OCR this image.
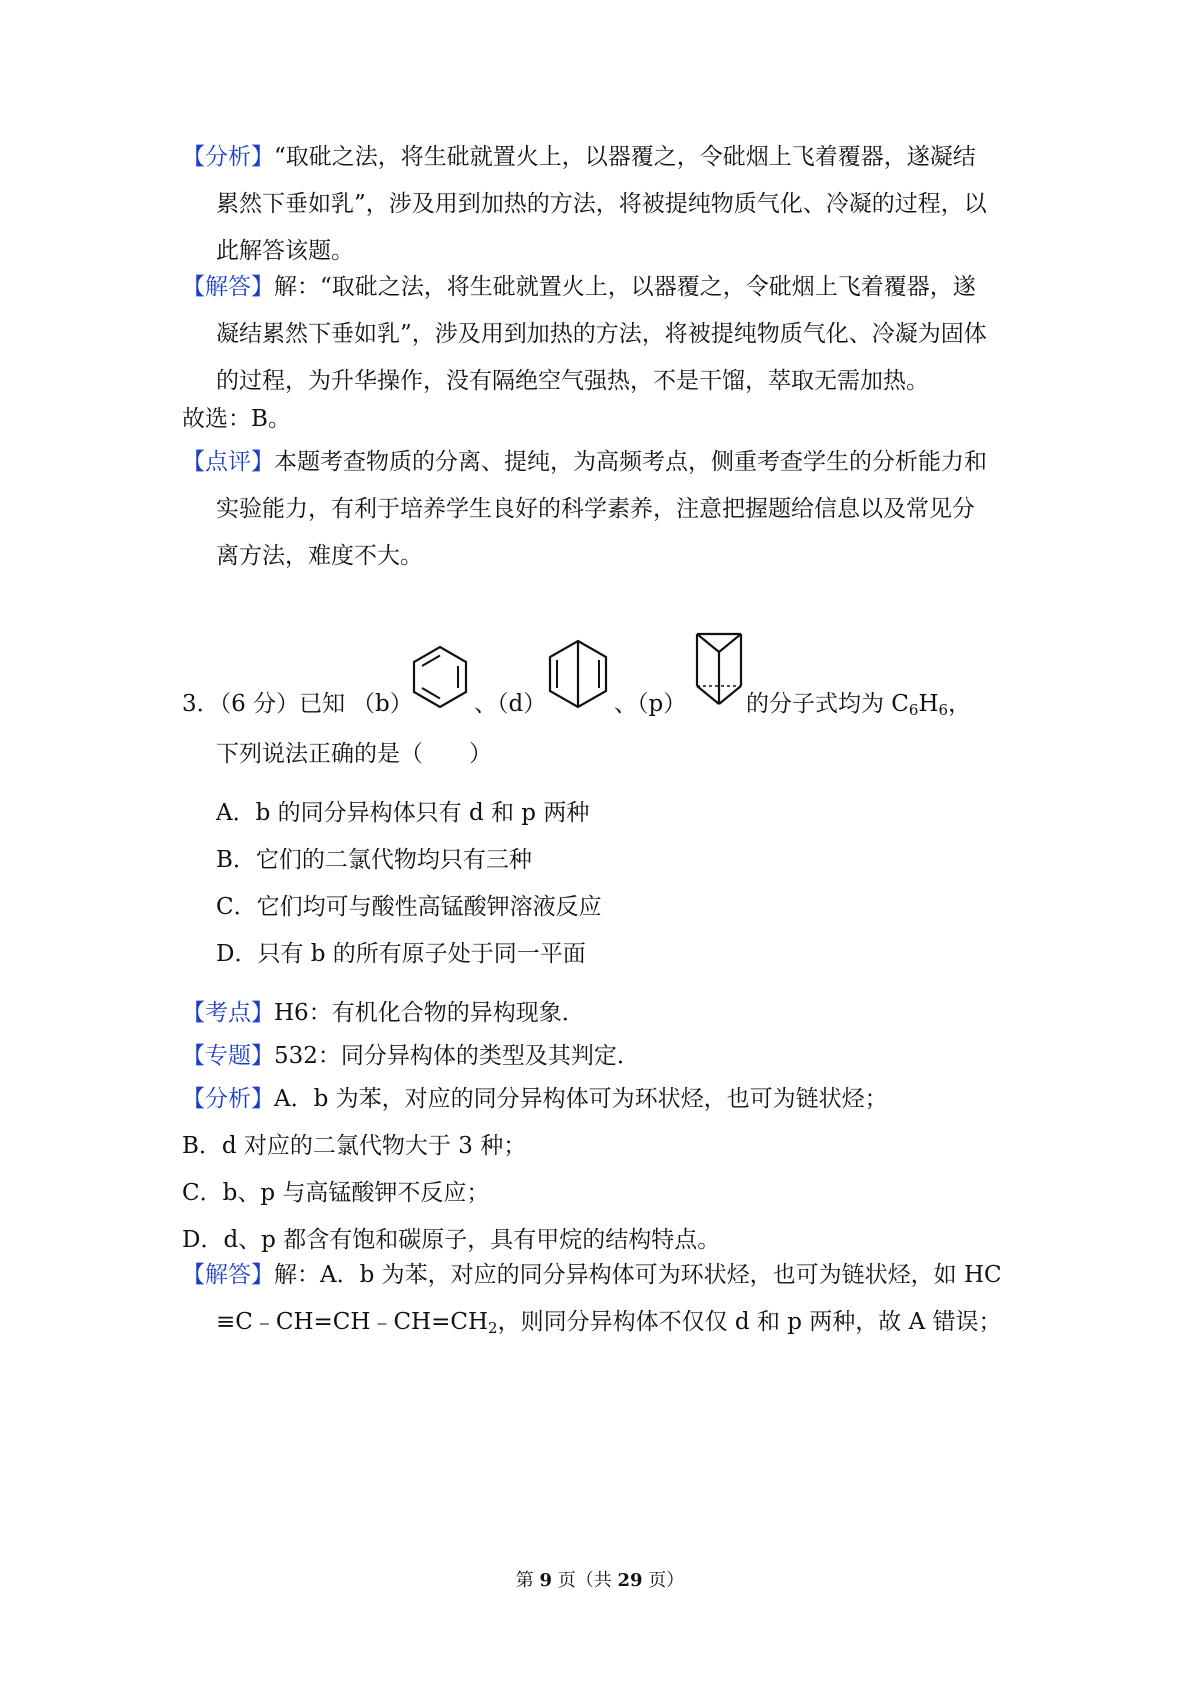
【分析】“取砒之法，将生砒就置火上，以器覆之，令砒烟上飞着覆器，遂凝结
累然下垂如乳”，涉及用到加热的方法，将被提纯物质气化、冷凝的过程，以
此解答该题。
【解答】解：“取砒之法，将生砒就置火上，以器覆之，令砒烟上飞着覆器，遂
凝结累然下垂如乳”，涉及用到加热的方法，将被提纯物质气化、冷凝为固体
的过程，为升华操作，没有隔绝空气强热，不是干馏，萃取无需加热。
故选：B。
【点评】本题考查物质的分离、提纯，为高频考点，侧重考查学生的分析能力和
实验能力，有利于培养学生良好的科学素养，注意把握题给信息以及常见分
离方法，难度不大。
3．（6 分）已知 （b）	、（d）	、（p）	的分子式均为 C6H6，
下列说法正确的是（　　）
A．b 的同分异构体只有 d 和 p 两种
B．它们的二氯代物均只有三种
C．它们均可与酸性高锰酸钾溶液反应
D．只有 b 的所有原子处于同一平面
【考点】H6：有机化合物的异构现象．
【专题】532：同分异构体的类型及其判定．
【分析】A．b 为苯，对应的同分异构体可为环状烃，也可为链状烃；
B．d 对应的二氯代物大于 3 种；
C．b、p 与高锰酸钾不反应；
D．d、p 都含有饱和碳原子，具有甲烷的结构特点。
【解答】解：A．b 为苯，对应的同分异构体可为环状烃，也可为链状烃，如 HC
≡C﹣CH=CH﹣CH=CH2，则同分异构体不仅仅 d 和 p 两种，故 A 错误；
第 9 页（共 29 页）
